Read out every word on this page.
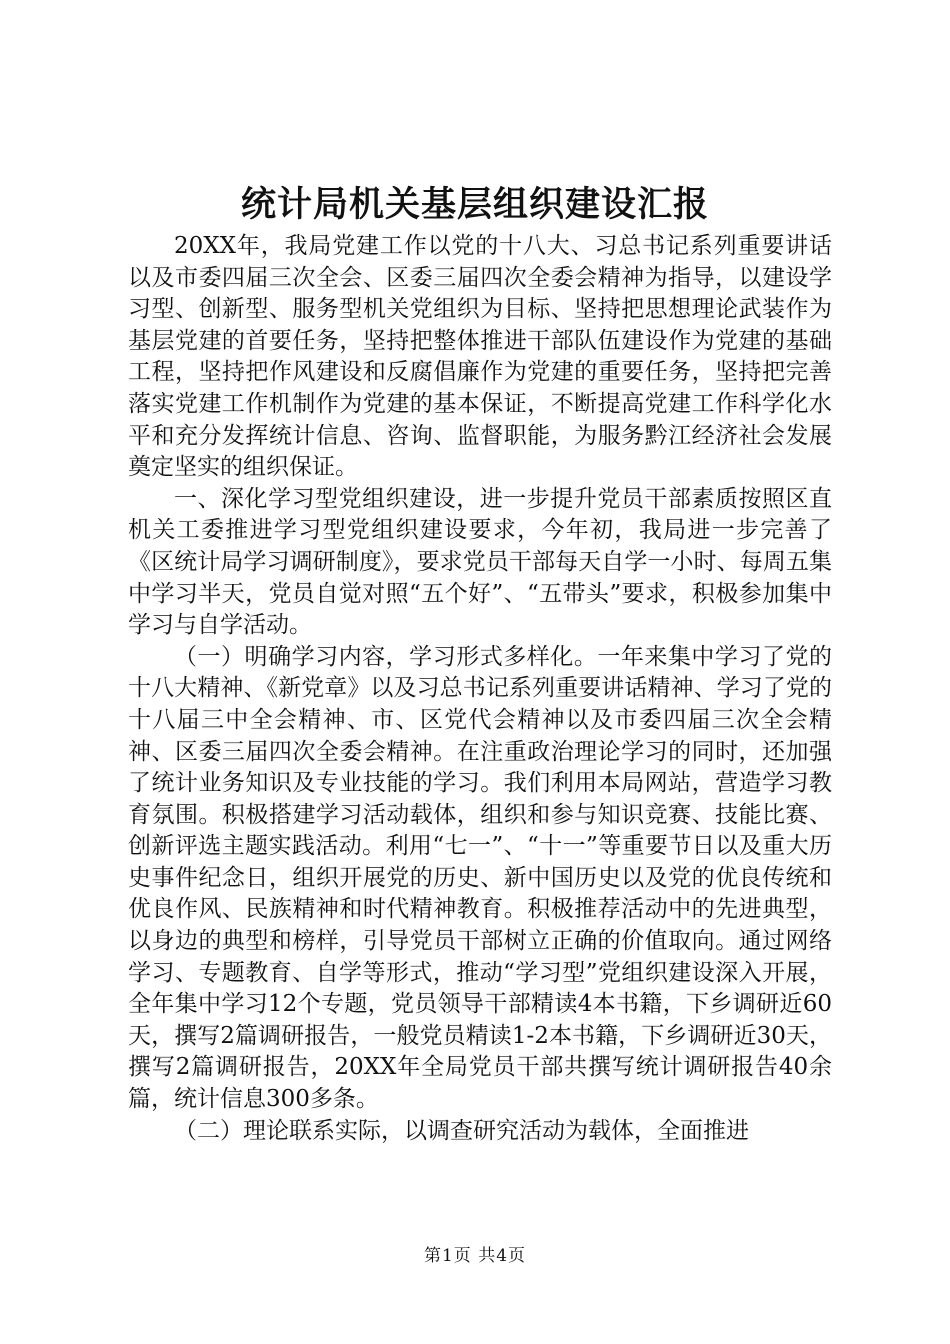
统计局机关基层组织建设汇报

20XX年，我局党建工作以党的十八大、习总书记系列重要讲话以及市委四届三次全会、区委三届四次全委会精神为指导，以建设学习型、创新型、服务型机关党组织为目标、坚持把思想理论武装作为基层党建的首要任务，坚持把整体推进干部队伍建设作为党建的基础工程，坚持把作风建设和反腐倡廉作为党建的重要任务，坚持把完善落实党建工作机制作为党建的基本保证，不断提高党建工作科学化水平和充分发挥统计信息、咨询、监督职能，为服务黔江经济社会发展奠定坚实的组织保证。

一、深化学习型党组织建设，进一步提升党员干部素质按照区直机关工委推进学习型党组织建设要求，今年初，我局进一步完善了《区统计局学习调研制度》，要求党员干部每天自学一小时、每周五集中学习半天，党员自觉对照“五个好”、“五带头”要求，积极参加集中学习与自学活动。

（一）明确学习内容，学习形式多样化。一年来集中学习了党的十八大精神、《新党章》以及习总书记系列重要讲话精神、学习了党的十八届三中全会精神、市、区党代会精神以及市委四届三次全会精神、区委三届四次全委会精神。在注重政治理论学习的同时，还加强了统计业务知识及专业技能的学习。我们利用本局网站，营造学习教育氛围。积极搭建学习活动载体，组织和参与知识竞赛、技能比赛、创新评选主题实践活动。利用“七一”、“十一”等重要节日以及重大历史事件纪念日，组织开展党的历史、新中国历史以及党的优良传统和优良作风、民族精神和时代精神教育。积极推荐活动中的先进典型，以身边的典型和榜样，引导党员干部树立正确的价值取向。通过网络学习、专题教育、自学等形式，推动“学习型”党组织建设深入开展，全年集中学习12个专题，党员领导干部精读4本书籍，下乡调研近60天，撰写2篇调研报告，一般党员精读1-2本书籍，下乡调研近30天，撰写2篇调研报告，20XX年全局党员干部共撰写统计调研报告40余篇，统计信息300多条。

（二）理论联系实际，以调查研究活动为载体，全面推进

第1页 共4页
